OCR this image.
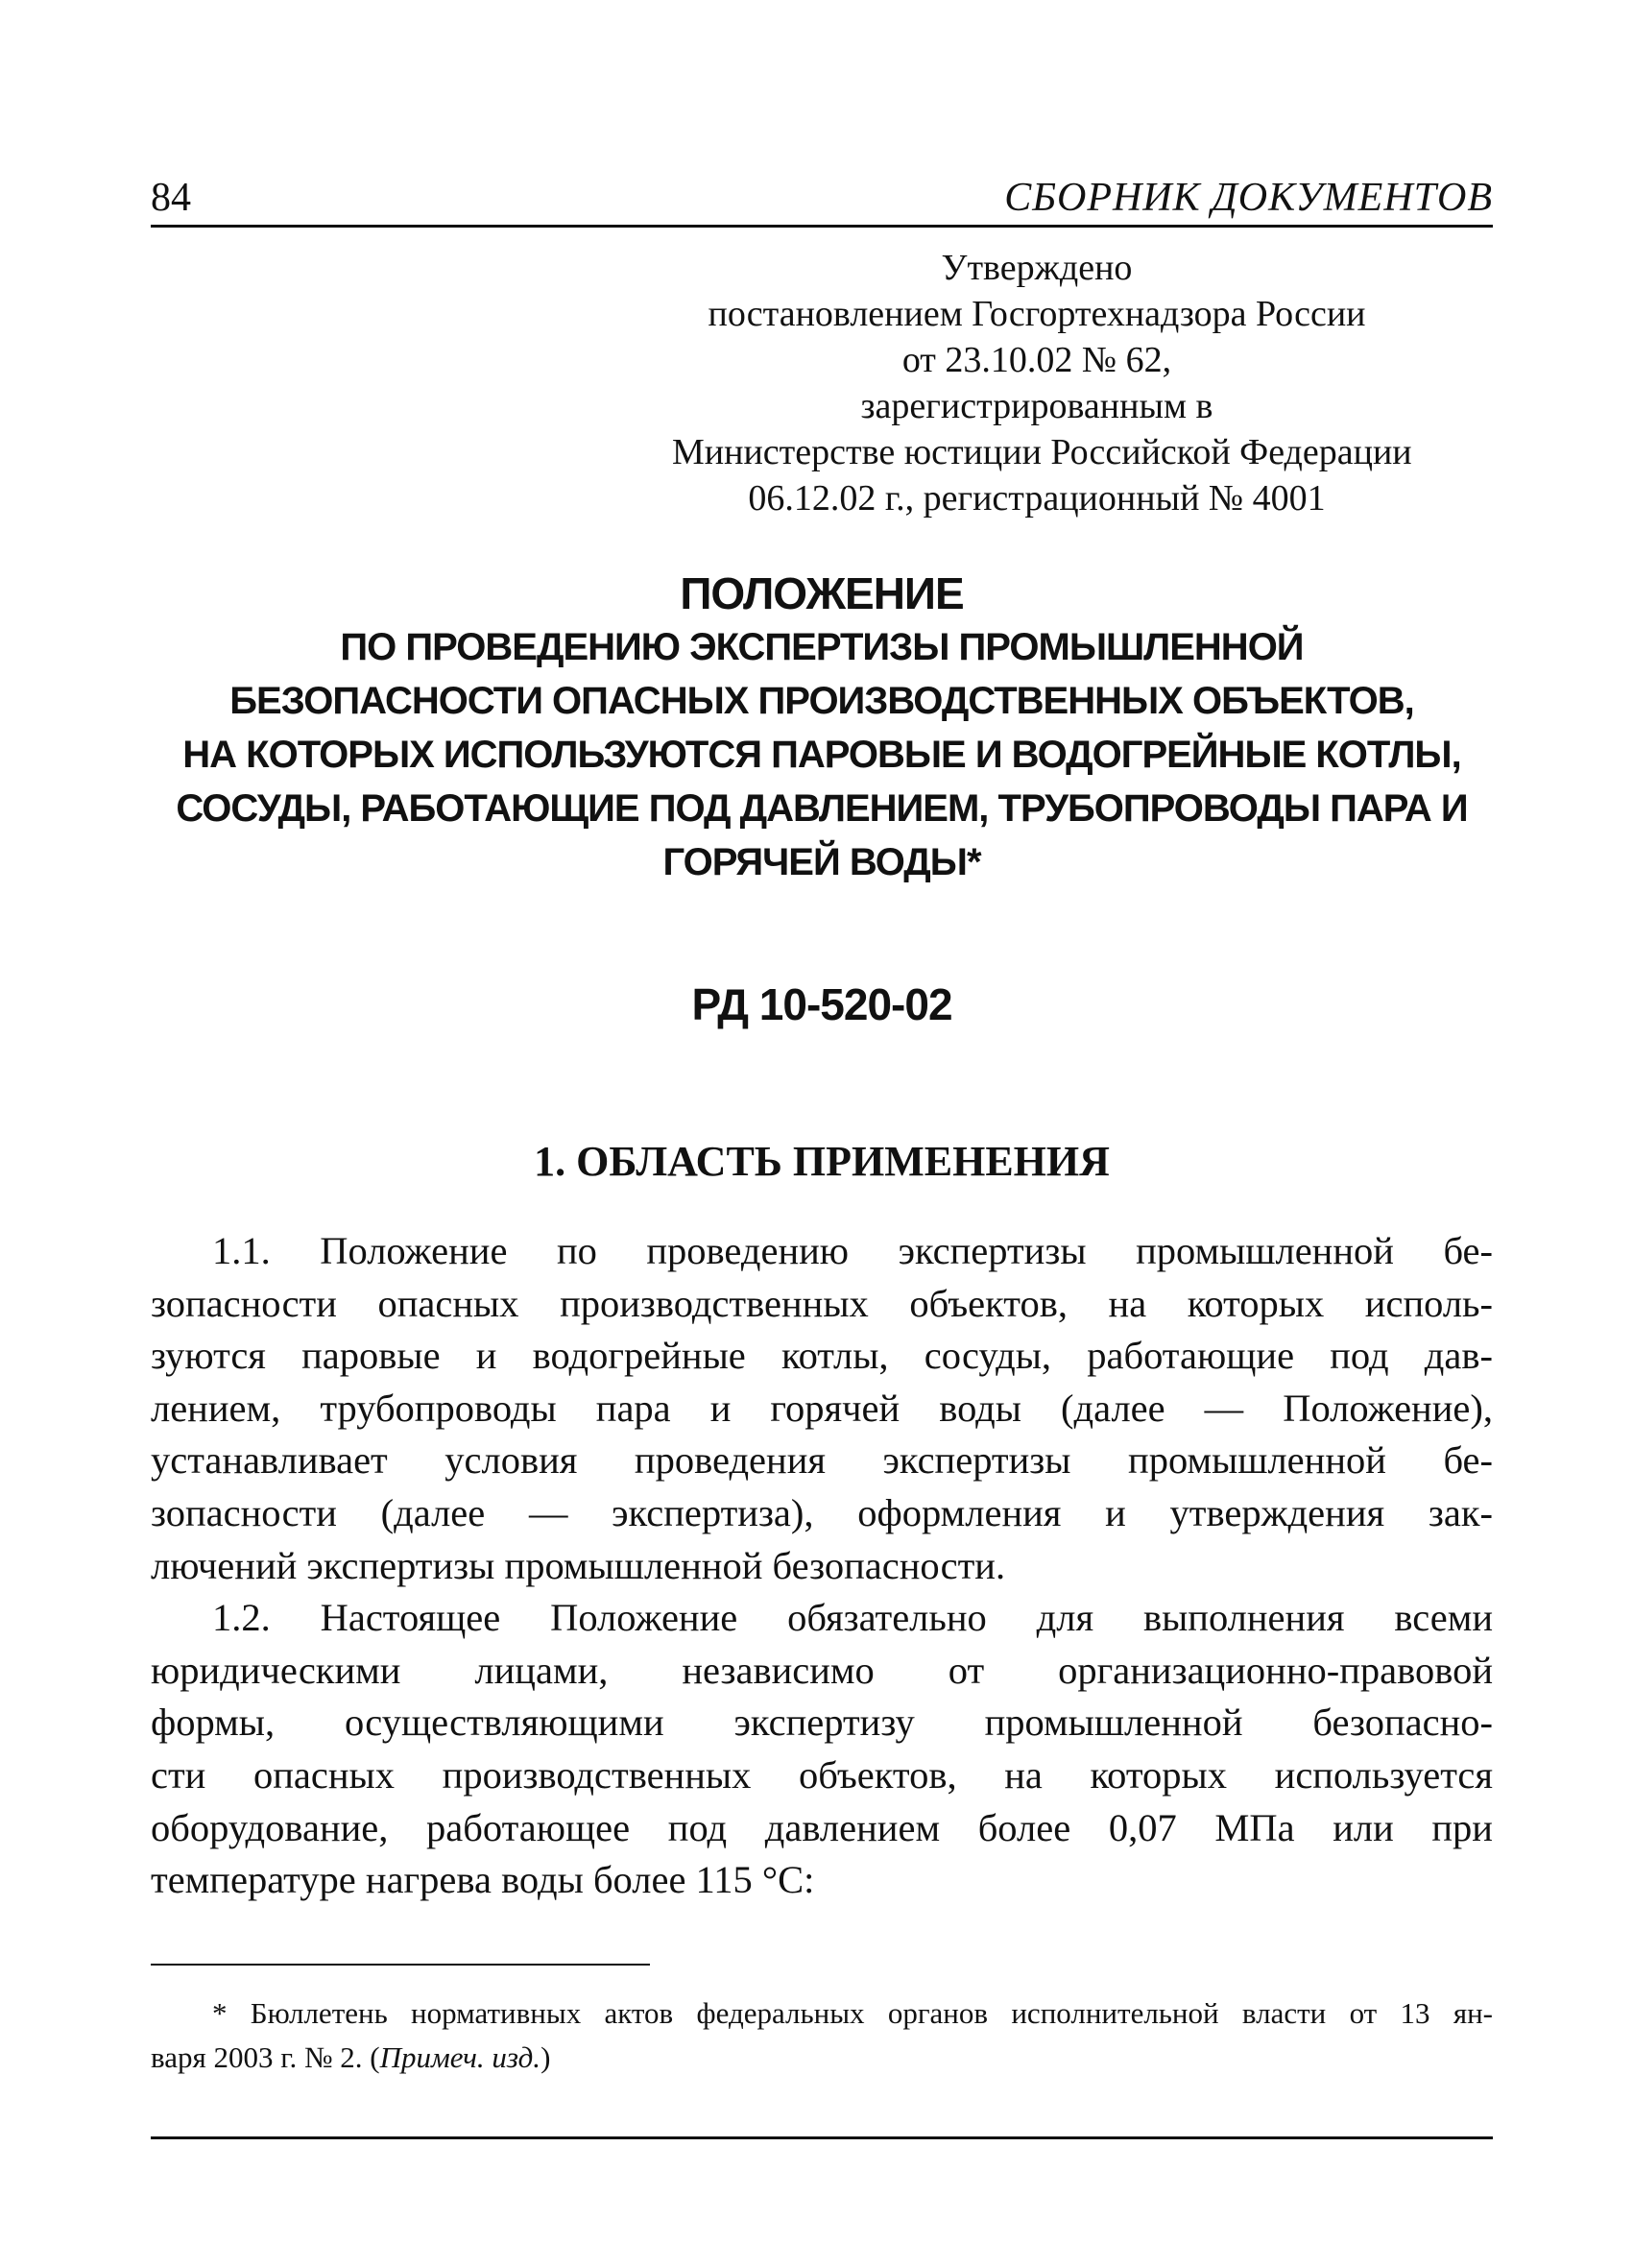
84	СБОРНИК ДОКУМЕНТОВ
Утверждено
постановлением Госгортехнадзора России
от 23.10.02 № 62,
зарегистрированным в
Министерстве юстиции Российской Федерации
06.12.02 г., регистрационный № 4001
ПОЛОЖЕНИЕ
ПО ПРОВЕДЕНИЮ ЭКСПЕРТИЗЫ ПРОМЫШЛЕННОЙ
БЕЗОПАСНОСТИ ОПАСНЫХ ПРОИЗВОДСТВЕННЫХ ОБЪЕКТОВ,
НА КОТОРЫХ ИСПОЛЬЗУЮТСЯ ПАРОВЫЕ И ВОДОГРЕЙНЫЕ КОТЛЫ,
СОСУДЫ, РАБОТАЮЩИЕ ПОД ДАВЛЕНИЕМ, ТРУБОПРОВОДЫ ПАРА И
ГОРЯЧЕЙ ВОДЫ*
РД 10-520-02
1. ОБЛАСТЬ ПРИМЕНЕНИЯ
1.1. Положение по проведению экспертизы промышленной бе-
зопасности опасных производственных объектов, на которых исполь-
зуются паровые и водогрейные котлы, сосуды, работающие под дав-
лением, трубопроводы пара и горячей воды (далее — Положение),
устанавливает условия проведения экспертизы промышленной бе-
зопасности (далее — экспертиза), оформления и утверждения зак-
лючений экспертизы промышленной безопасности.
1.2. Настоящее Положение обязательно для выполнения всеми
юридическими лицами, независимо от организационно-правовой
формы, осуществляющими экспертизу промышленной безопасно-
сти опасных производственных объектов, на которых используется
оборудование, работающее под давлением более 0,07 МПа или при
температуре нагрева воды более 115 °С:
* Бюллетень нормативных актов федеральных органов исполнительной власти от 13 ян-
варя 2003 г. № 2. (Примеч. изд.)
